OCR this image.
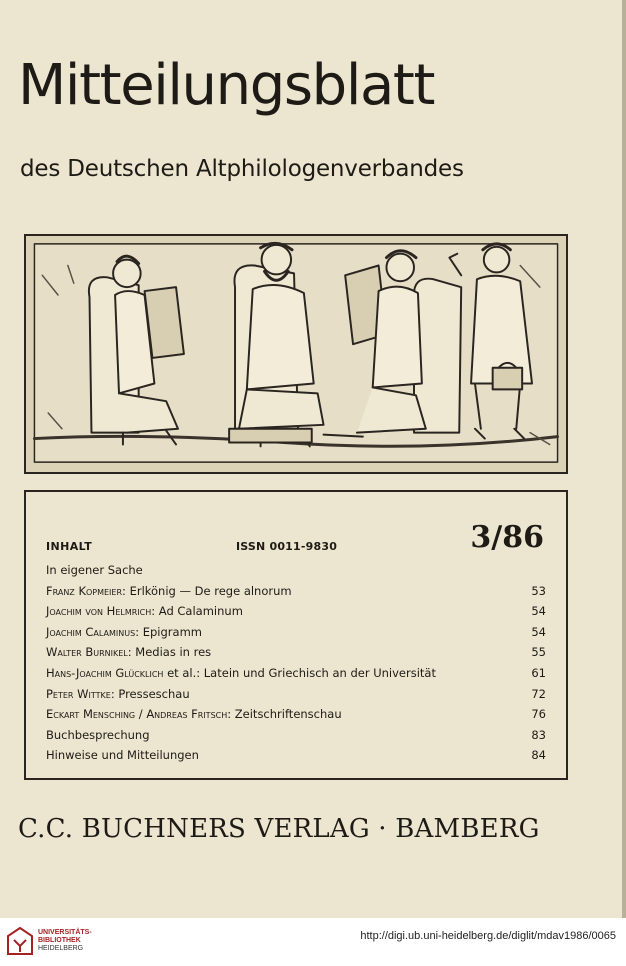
Mitteilungsblatt
des Deutschen Altphilologenverbandes
INHALT	ISSN 0011-9830	3/86
In eigener Sache
Franz Kopmeier: Erlkönig — De rege alnorum	53
Joachim von Helmrich: Ad Calaminum	54
Joachim Calaminus: Epigramm	54
Walter Burnikel: Medias in res	55
Hans-Joachim Glücklich et al.: Latein und Griechisch an der Universität	61
Peter Wittke: Presseschau	72
Eckart Mensching / Andreas Fritsch: Zeitschriftenschau	76
Buchbesprechung	83
Hinweise und Mitteilungen	84
C.C. BUCHNERS VERLAG · BAMBERG
UNIVERSITÄTS-
BIBLIOTHEK
HEIDELBERG
http://digi.ub.uni-heidelberg.de/diglit/mdav1986/0065
